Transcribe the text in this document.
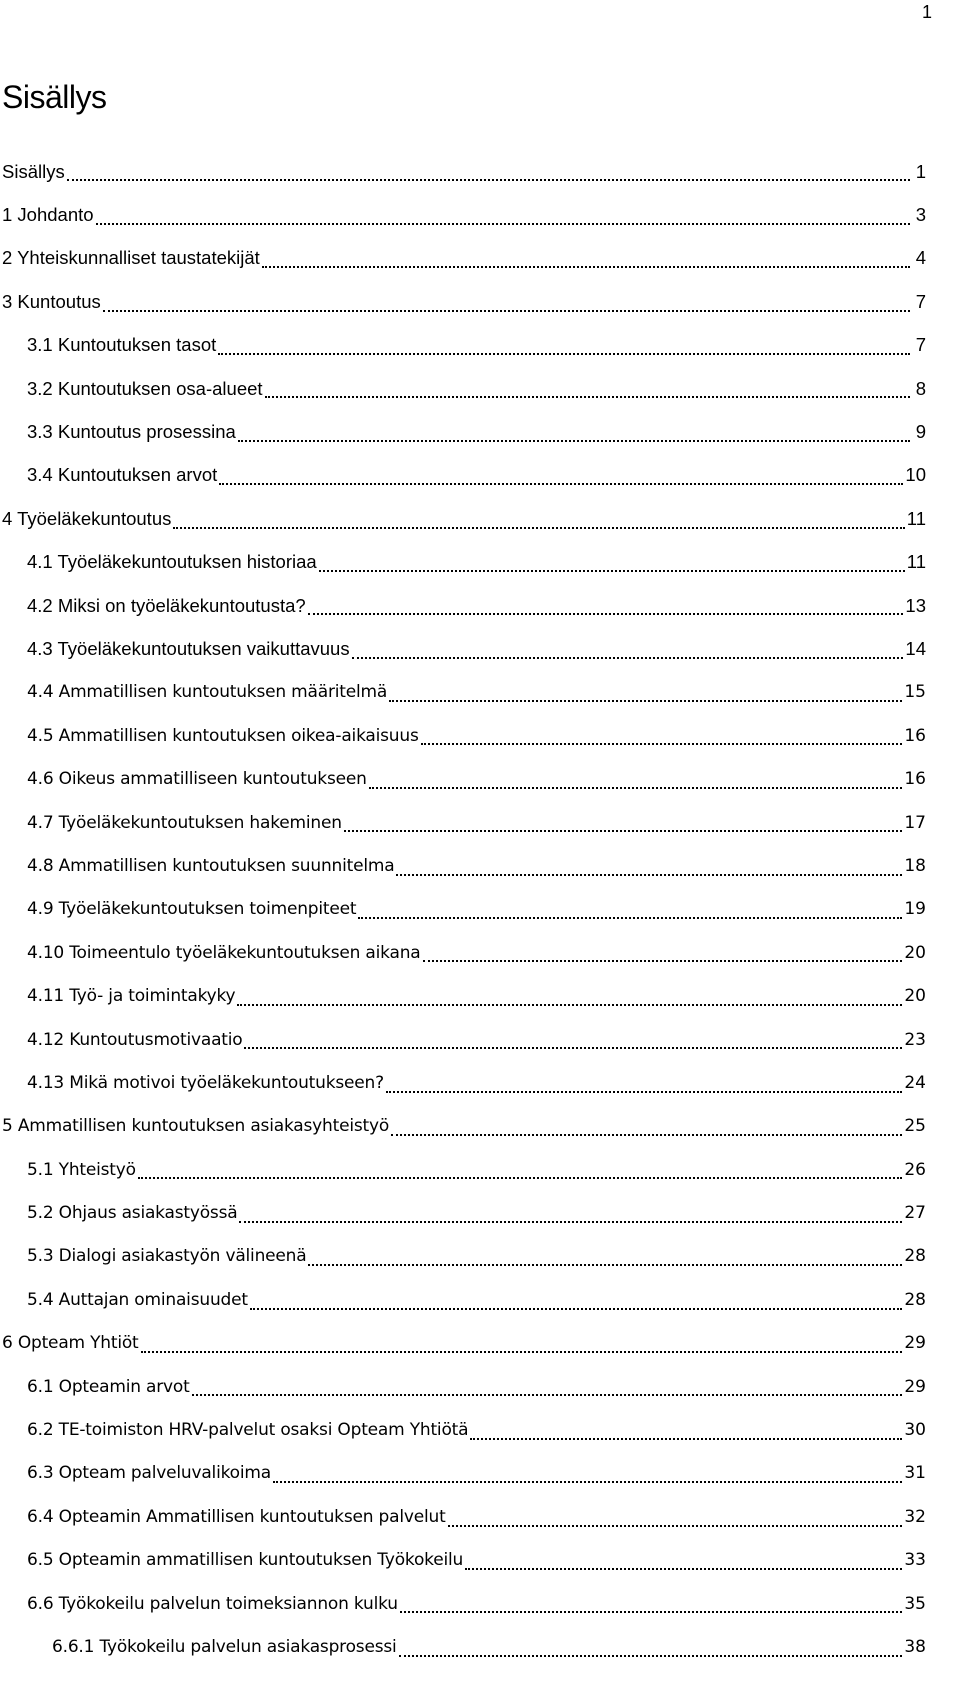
1
Sisällys
Sisällys	1
1 Johdanto	3
2 Yhteiskunnalliset taustatekijät	4
3 Kuntoutus	7
3.1 Kuntoutuksen tasot	7
3.2 Kuntoutuksen osa-alueet	8
3.3 Kuntoutus prosessina	9
3.4 Kuntoutuksen arvot	10
4 Työeläkekuntoutus	11
4.1 Työeläkekuntoutuksen historiaa	11
4.2 Miksi on työeläkekuntoutusta?	13
4.3 Työeläkekuntoutuksen vaikuttavuus	14
4.4 Ammatillisen kuntoutuksen määritelmä	15
4.5 Ammatillisen kuntoutuksen oikea-aikaisuus	16
4.6 Oikeus ammatilliseen kuntoutukseen	16
4.7 Työeläkekuntoutuksen hakeminen	17
4.8 Ammatillisen kuntoutuksen suunnitelma	18
4.9 Työeläkekuntoutuksen toimenpiteet	19
4.10 Toimeentulo työeläkekuntoutuksen aikana	20
4.11 Työ- ja toimintakyky	20
4.12 Kuntoutusmotivaatio	23
4.13 Mikä motivoi työeläkekuntoutukseen?	24
5 Ammatillisen kuntoutuksen asiakasyhteistyö	25
5.1 Yhteistyö	26
5.2 Ohjaus asiakastyössä	27
5.3 Dialogi asiakastyön välineenä	28
5.4 Auttajan ominaisuudet	28
6 Opteam Yhtiöt	29
6.1 Opteamin arvot	29
6.2 TE-toimiston HRV-palvelut osaksi Opteam Yhtiötä	30
6.3 Opteam palveluvalikoima	31
6.4 Opteamin Ammatillisen kuntoutuksen palvelut	32
6.5 Opteamin ammatillisen kuntoutuksen Työkokeilu	33
6.6 Työkokeilu palvelun toimeksiannon kulku	35
6.6.1 Työkokeilu palvelun asiakasprosessi	38
